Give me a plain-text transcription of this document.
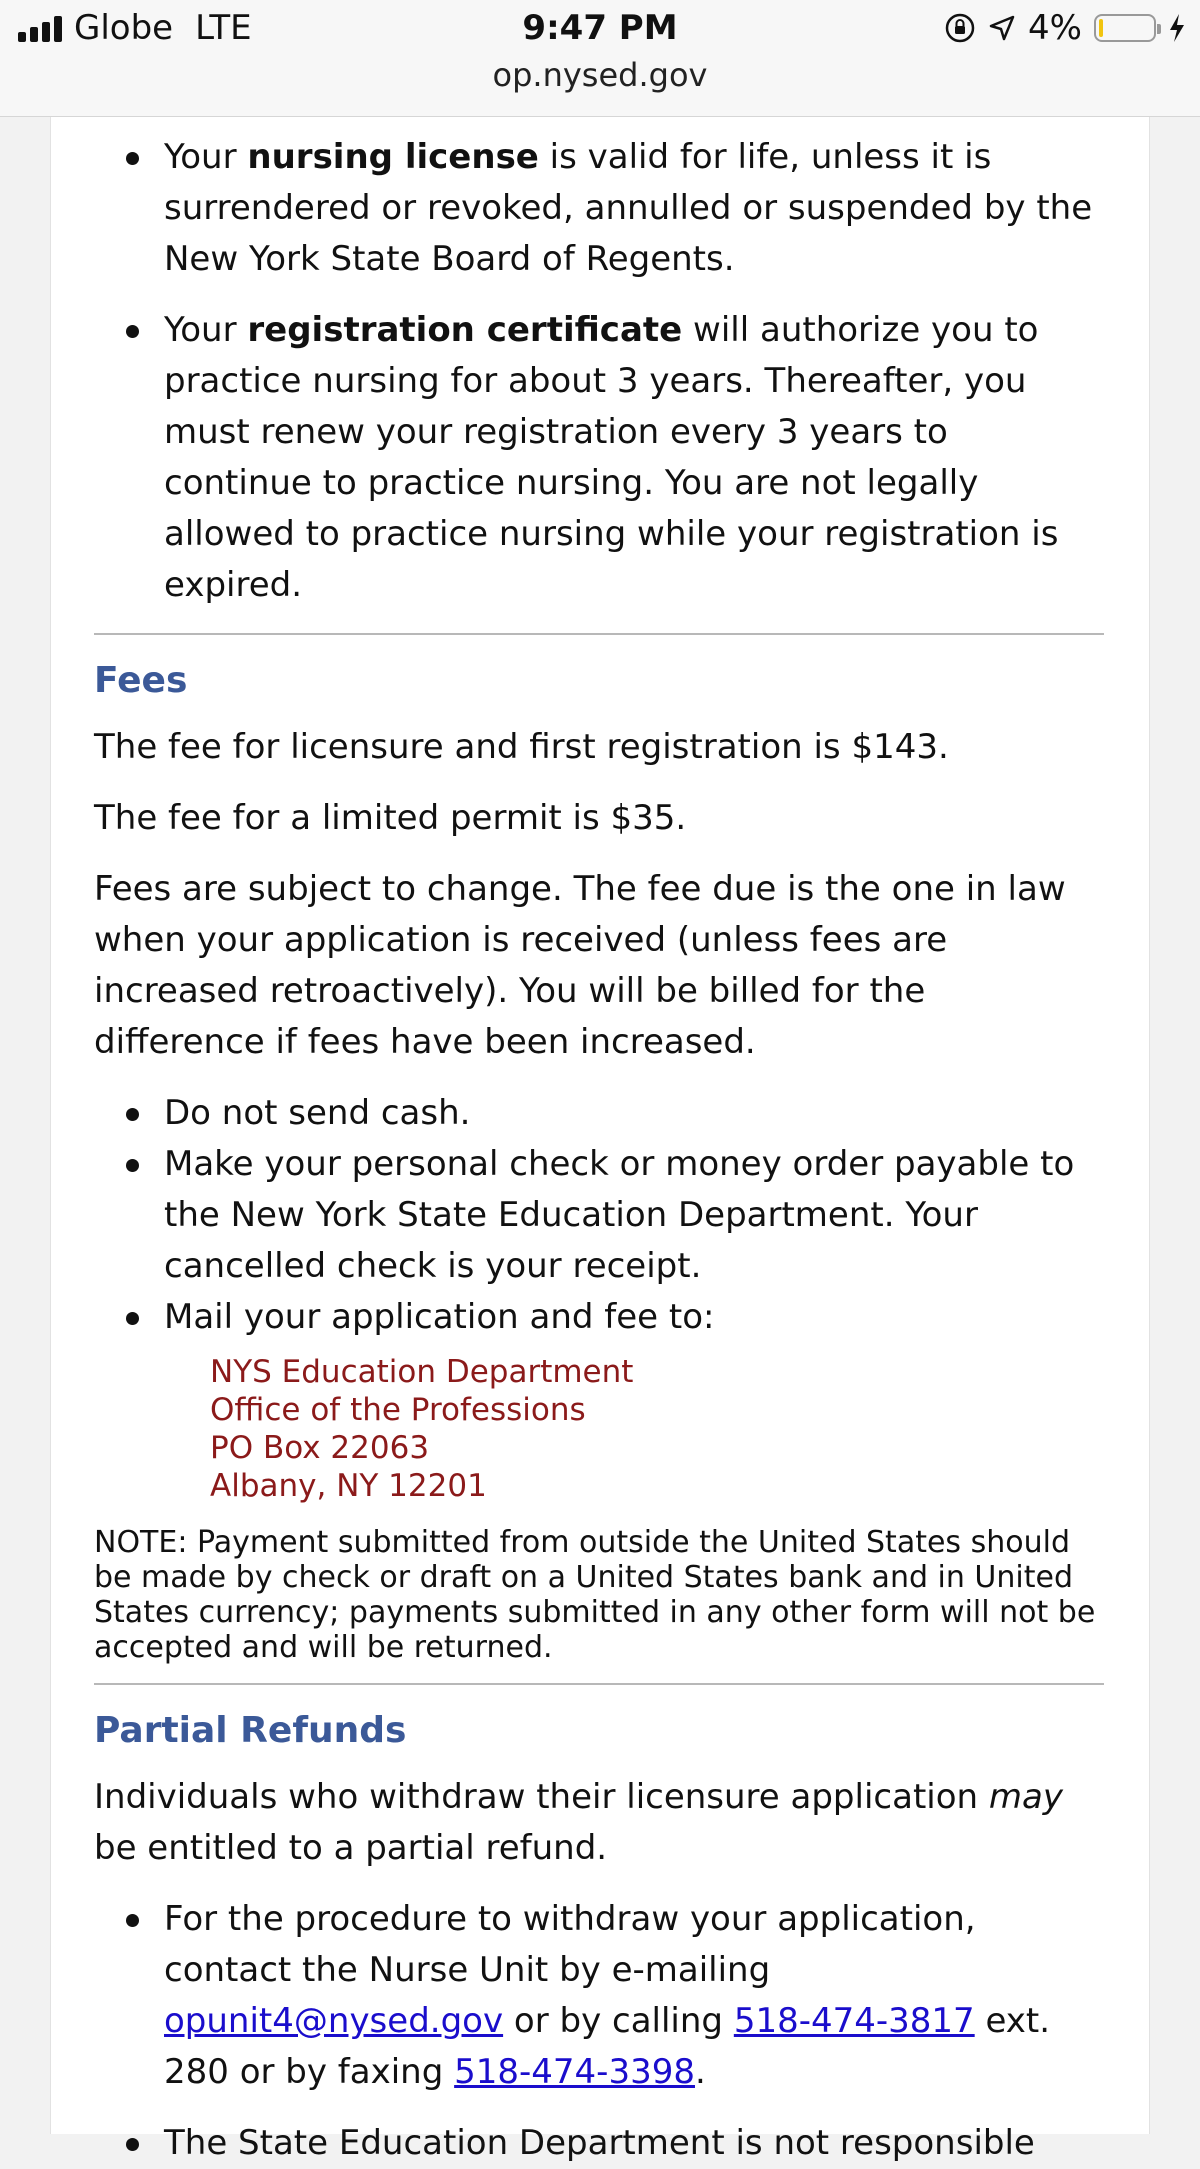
Globe LTE	9:47 PM
op.nysed.gov
4%
Your nursing license is valid for life, unless it is surrendered or revoked, annulled or suspended by the New York State Board of Regents.
Your registration certificate will authorize you to practice nursing for about 3 years. Thereafter, you must renew your registration every 3 years to continue to practice nursing. You are not legally allowed to practice nursing while your registration is expired.
Fees

The fee for licensure and first registration is $143.

The fee for a limited permit is $35.

Fees are subject to change. The fee due is the one in law when your application is received (unless fees are increased retroactively). You will be billed for the difference if fees have been increased.

Do not send cash.
Make your personal check or money order payable to the New York State Education Department. Your cancelled check is your receipt.
Mail your application and fee to:
NYS Education Department
Office of the Professions
PO Box 22063
Albany, NY 12201

NOTE: Payment submitted from outside the United States should be made by check or draft on a United States bank and in United States currency; payments submitted in any other form will not be accepted and will be returned.

Partial Refunds

Individuals who withdraw their licensure application may be entitled to a partial refund.

For the procedure to withdraw your application, contact the Nurse Unit by e-mailing opunit4@nysed.gov or by calling 518-474-3817 ext. 280 or by faxing 518-474-3398.
The State Education Department is not responsible
